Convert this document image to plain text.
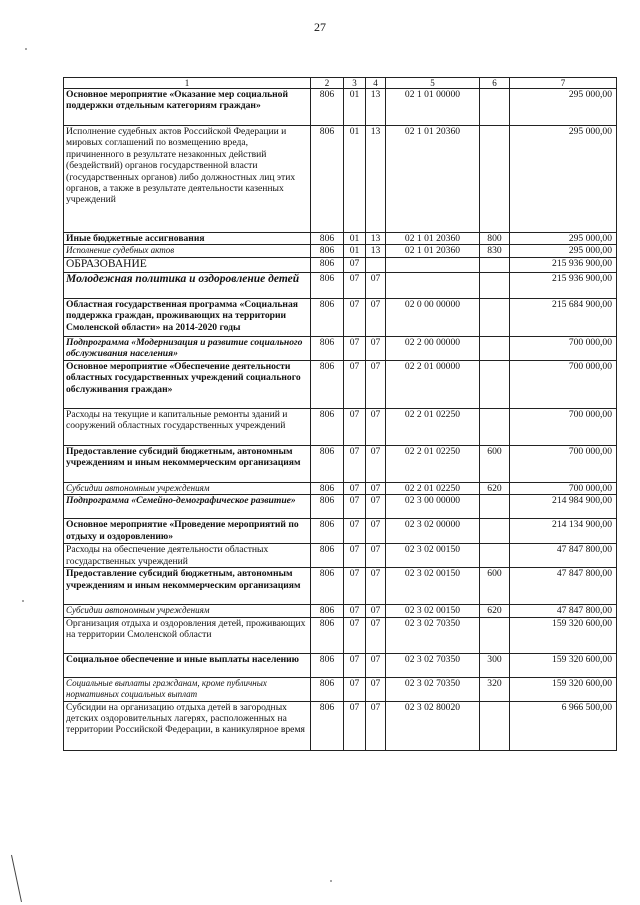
27
1	2	3	4	5	6	7
Основное мероприятие «Оказание мер социальной поддержки отдельным категориям граждан»	806	01	13	02 1 01 00000		295 000,00
Исполнение судебных актов Российской Федерации и мировых соглашений по возмещению вреда, причиненного в результате незаконных действий (бездействий) органов государственной власти (государственных органов) либо должностных лиц этих органов, а также в результате деятельности казенных учреждений	806	01	13	02 1 01 20360		295 000,00
Иные бюджетные ассигнования	806	01	13	02 1 01 20360	800	295 000,00
Исполнение судебных актов	806	01	13	02 1 01 20360	830	295 000,00
ОБРАЗОВАНИЕ	806	07				215 936 900,00
Молодежная политика и оздоровление детей	806	07	07			215 936 900,00
Областная государственная программа «Социальная поддержка граждан, проживающих на территории Смоленской области» на 2014-2020 годы	806	07	07	02 0 00 00000		215 684 900,00
Подпрограмма «Модернизация и развитие социального обслуживания населения»	806	07	07	02 2 00 00000		700 000,00
Основное мероприятие «Обеспечение деятельности областных государственных учреждений социального обслуживания граждан»	806	07	07	02 2 01 00000		700 000,00
Расходы на текущие и капитальные ремонты зданий и сооружений областных государственных учреждений	806	07	07	02 2 01 02250		700 000,00
Предоставление субсидий бюджетным, автономным учреждениям и иным некоммерческим организациям	806	07	07	02 2 01 02250	600	700 000,00
Субсидии автономным учреждениям	806	07	07	02 2 01 02250	620	700 000,00
Подпрограмма «Семейно-демографическое развитие»	806	07	07	02 3 00 00000		214 984 900,00
Основное мероприятие «Проведение мероприятий по отдыху и оздоровлению»	806	07	07	02 3 02 00000		214 134 900,00
Расходы на обеспечение деятельности областных государственных учреждений	806	07	07	02 3 02 00150		47 847 800,00
Предоставление субсидий бюджетным, автономным учреждениям и иным некоммерческим организациям	806	07	07	02 3 02 00150	600	47 847 800,00
Субсидии автономным учреждениям	806	07	07	02 3 02 00150	620	47 847 800,00
Организация отдыха и оздоровления детей, проживающих на территории Смоленской области	806	07	07	02 3 02 70350		159 320 600,00
Социальное обеспечение и иные выплаты населению	806	07	07	02 3 02 70350	300	159 320 600,00
Социальные выплаты гражданам, кроме публичных нормативных социальных выплат	806	07	07	02 3 02 70350	320	159 320 600,00
Субсидии на организацию отдыха детей в загородных детских оздоровительных лагерях, расположенных на территории Российской Федерации, в каникулярное время	806	07	07	02 3 02 80020		6 966 500,00
